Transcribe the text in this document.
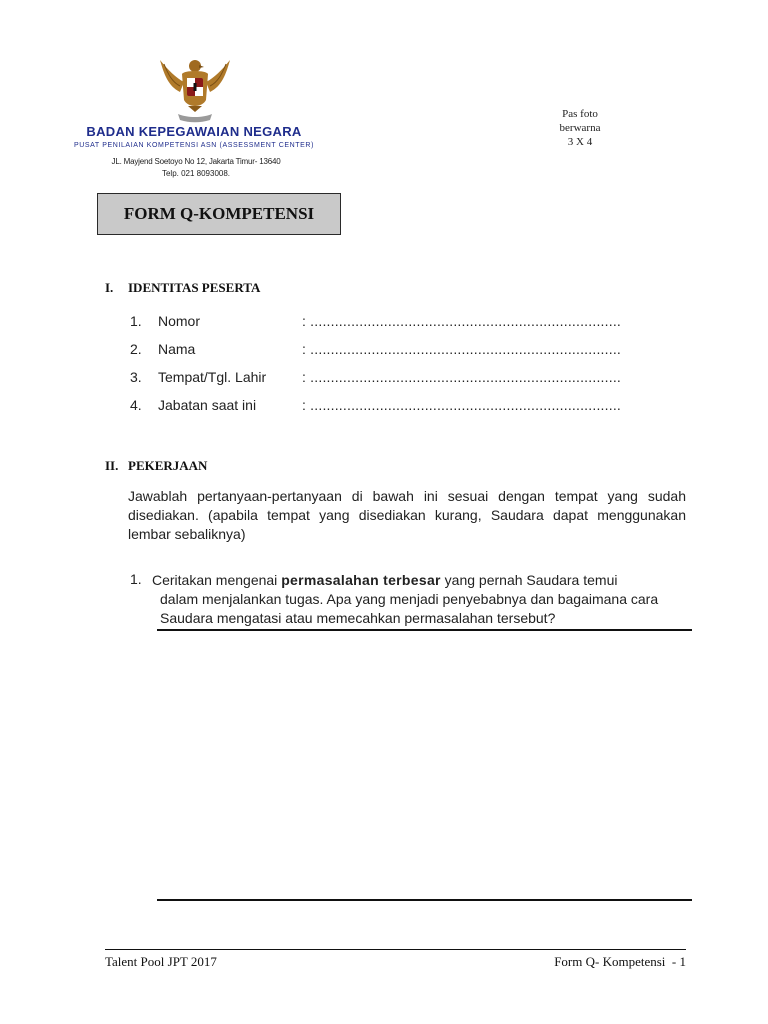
BADAN KEPEGAWAIAN NEGARA
PUSAT PENILAIAN KOMPETENSI ASN (ASSESSMENT CENTER)
JL. Mayjend Soetoyo No 12, Jakarta Timur- 13640
Telp. 021 8093008.
Pas foto
berwarna
3 X 4
FORM Q-KOMPETENSI
I. IDENTITAS PESERTA
1. Nomor	: ............................................................................
2. Nama	: ............................................................................
3. Tempat/Tgl. Lahir	: ............................................................................
4. Jabatan saat ini	: ............................................................................
II. PEKERJAAN
Jawablah pertanyaan-pertanyaan di bawah ini sesuai dengan tempat yang sudah disediakan. (apabila tempat yang disediakan kurang, Saudara dapat menggunakan lembar sebaliknya)
1. Ceritakan mengenai permasalahan terbesar yang pernah Saudara temui
dalam menjalankan tugas. Apa yang menjadi penyebabnya dan bagaimana cara Saudara mengatasi atau memecahkan permasalahan tersebut?
Talent Pool JPT 2017	Form Q- Kompetensi  - 1
